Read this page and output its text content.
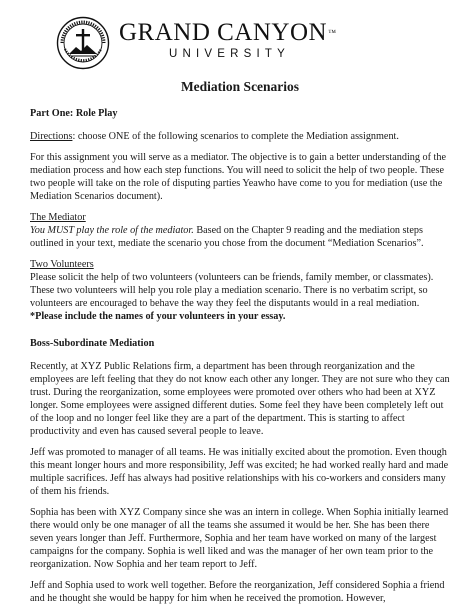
GRAND CANYON™
UNIVERSITY
Mediation Scenarios
Part One: Role Play

Directions: choose ONE of the following scenarios to complete the Mediation assignment.

For this assignment you will serve as a mediator. The objective is to gain a better understanding of the mediation process and how each step functions. You will need to solicit the help of two people. These two people will take on the role of disputing parties Yeawho have come to you for mediation (use the Mediation Scenarios document).

The Mediator
You MUST play the role of the mediator. Based on the Chapter 9 reading and the mediation steps outlined in your text, mediate the scenario you chose from the document “Mediation Scenarios”.
Two Volunteers
Please solicit the help of two volunteers (volunteers can be friends, family member, or classmates). These two volunteers will help you role play a mediation scenario. There is no verbatim script, so volunteers are encouraged to behave the way they feel the disputants would in a real mediation.
*Please include the names of your volunteers in your essay.
Boss-Subordinate Mediation

Recently, at XYZ Public Relations firm, a department has been through reorganization and the employees are left feeling that they do not know each other any longer. They are not sure who they can trust. During the reorganization, some employees were promoted over others who had been at XYZ longer. Some employees were assigned different duties. Some feel they have been completely left out of the loop and no longer feel like they are a part of the department. This is starting to affect productivity and even has caused several people to leave.

Jeff was promoted to manager of all teams. He was initially excited about the promotion. Even though this meant longer hours and more responsibility, Jeff was excited; he had worked really hard and made multiple sacrifices. Jeff has always had positive relationships with his co-workers and considers many of them his friends.

Sophia has been with XYZ Company since she was an intern in college. When Sophia initially learned there would only be one manager of all the teams she assumed it would be her. She has been there seven years longer than Jeff. Furthermore, Sophia and her team have worked on many of the largest campaigns for the company. Sophia is well liked and was the manager of her own team prior to the reorganization. Now Sophia and her team report to Jeff.

Jeff and Sophia used to work well together. Before the reorganization, Jeff considered Sophia a friend and he thought she would be happy for him when he received the promotion. However,
